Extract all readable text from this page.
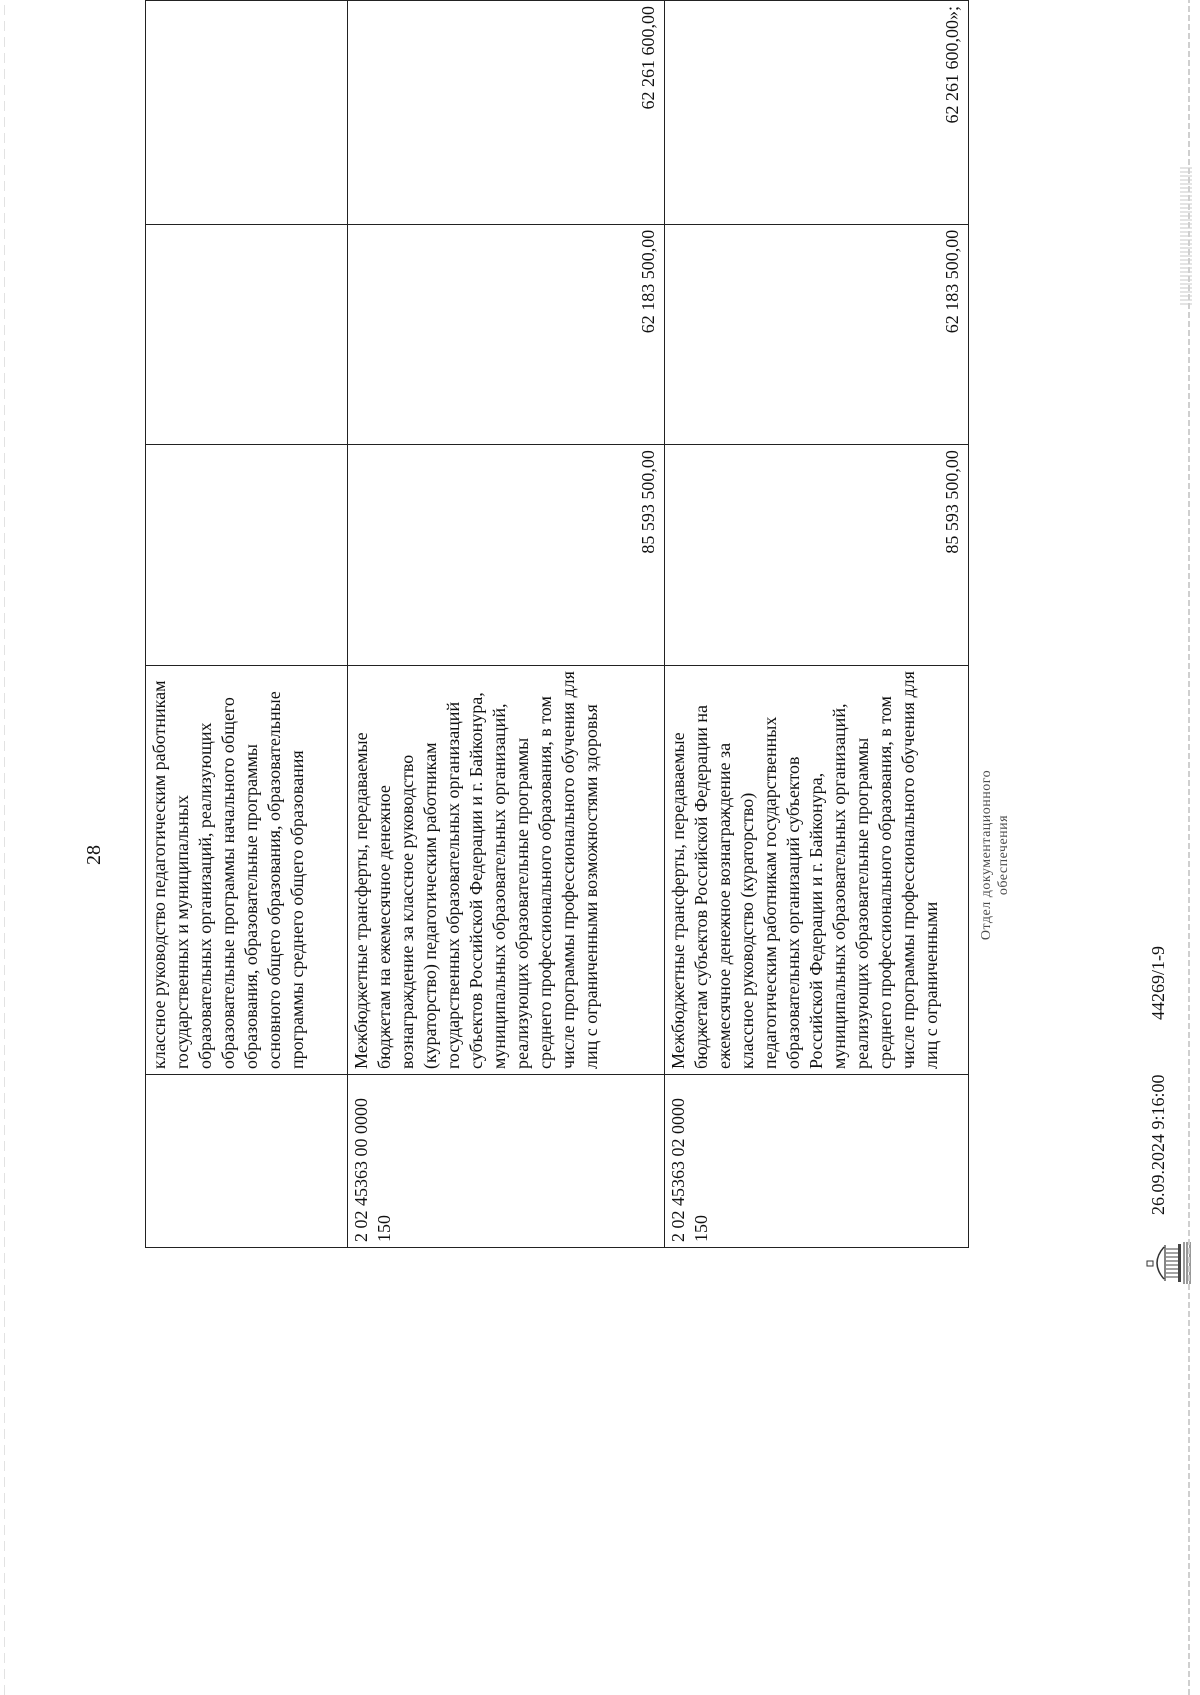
28
	классное руководство педагогическим работникам государственных и муниципальных образовательных организаций, реализующих образовательные программы начального общего образования, образовательные программы основного общего образования, образовательные программы среднего общего образования	

2 02 45363 00 0000 150	Межбюджетные трансферты, передаваемые бюджетам на ежемесячное денежное вознаграждение за классное руководство (кураторство) педагогическим работникам государственных образовательных организаций субъектов Российской Федерации и г. Байконура, муниципальных образовательных организаций, реализующих образовательные программы среднего профессионального образования, в том числе программы профессионального обучения для лиц с ограниченными возможностями здоровья	85 593 500,00	62 183 500,00	62 261 600,00

2 02 45363 02 0000 150	Межбюджетные трансферты, передаваемые бюджетам субъектов Российской Федерации на ежемесячное денежное вознаграждение за классное руководство (кураторство) педагогическим работникам государственных образовательных организаций субъектов Российской Федерации и г. Байконура, муниципальных образовательных организаций, реализующих образовательные программы среднего профессионального образования, в том числе программы профессионального обучения для лиц с ограниченными	85 593 500,00	62 183 500,00	62 261 600,00»;
26.09.2024 9:16:00
44269/1-9
Отдел документационного обеспечения
